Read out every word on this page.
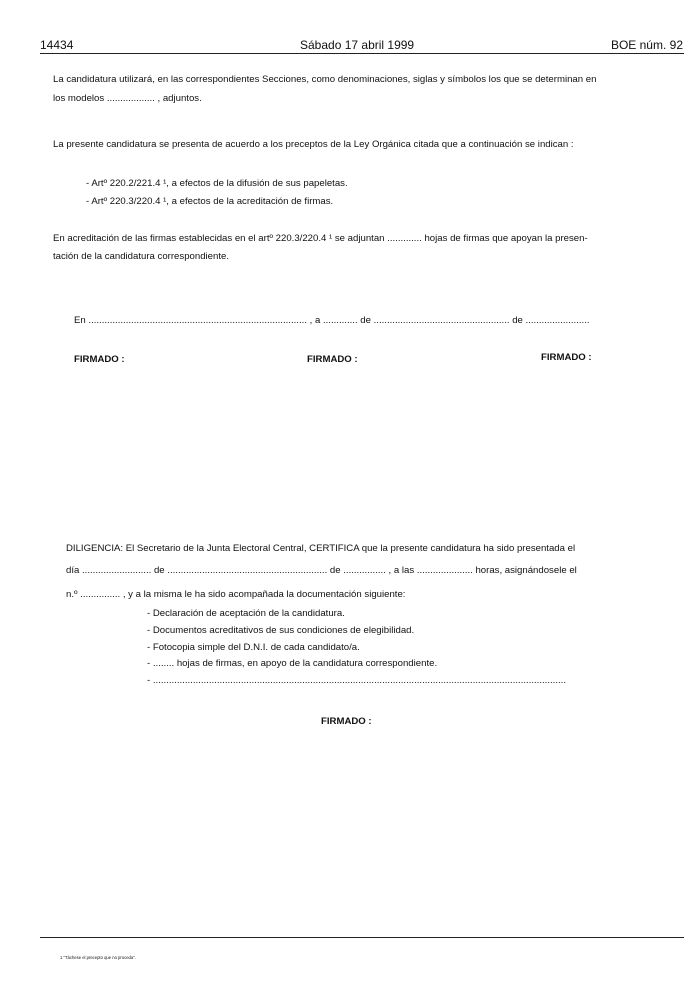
14434	Sábado 17 abril 1999	BOE núm. 92
La candidatura utilizará, en las correspondientes Secciones, como denominaciones, siglas y símbolos los que se determinan en
los modelos .................. , adjuntos.
La presente candidatura se presenta de acuerdo a los preceptos de la Ley Orgánica citada que a continuación se indican :
- Artº 220.2/221.4 ¹, a efectos de la difusión de sus papeletas.
- Artº 220.3/220.4 ¹, a efectos de la acreditación de firmas.
En acreditación de las firmas establecidas en el artº 220.3/220.4 ¹ se adjuntan ............. hojas de firmas que apoyan la presen-
tación de la candidatura correspondiente.
En .................................................................................. , a ............. de ................................................... de ........................
FIRMADO :	FIRMADO :	FIRMADO :
DILIGENCIA: El Secretario de la Junta Electoral Central, CERTIFICA que la presente candidatura ha sido presentada el
día .......................... de ............................................................ de ................ , a las ..................... horas, asignándosele el
n.º ............... , y a la misma le ha sido acompañada la documentación siguiente:
- Declaración de aceptación de la candidatura.
- Documentos acreditativos de sus condiciones de elegibilidad.
- Fotocopia simple del D.N.I. de cada candidato/a.
- ........ hojas de firmas, en apoyo de la candidatura correspondiente.
- ...........................................................................................................................................................
FIRMADO :
1 "Táchese el precepto que no proceda".
